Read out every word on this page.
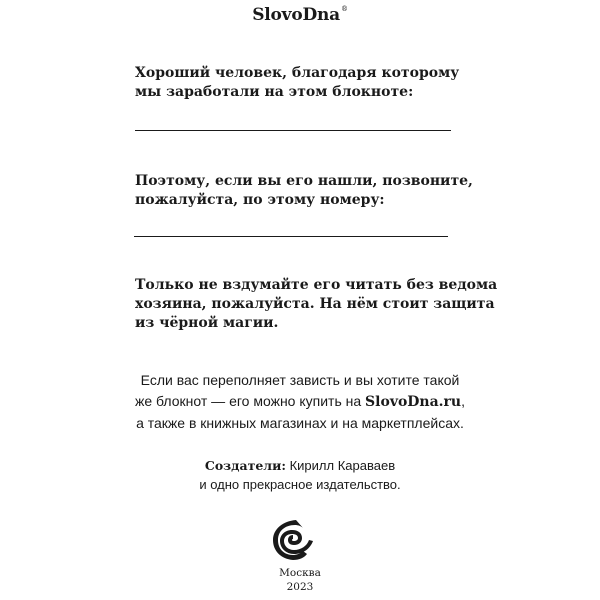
SlovoDna®
Хороший человек, благодаря которому
мы заработали на этом блокноте:
Поэтому, если вы его нашли, позвоните,
пожалуйста, по этому номеру:
Только не вздумайте его читать без ведома
хозяина, пожалуйста. На нём стоит защита
из чёрной магии.
Если вас переполняет зависть и вы хотите такой
же блокнот — его можно купить на SlovoDna.ru,
а также в книжных магазинах и на маркетплейсах.
Создатели: Кирилл Караваев
и одно прекрасное издательство.
Москва
2023
